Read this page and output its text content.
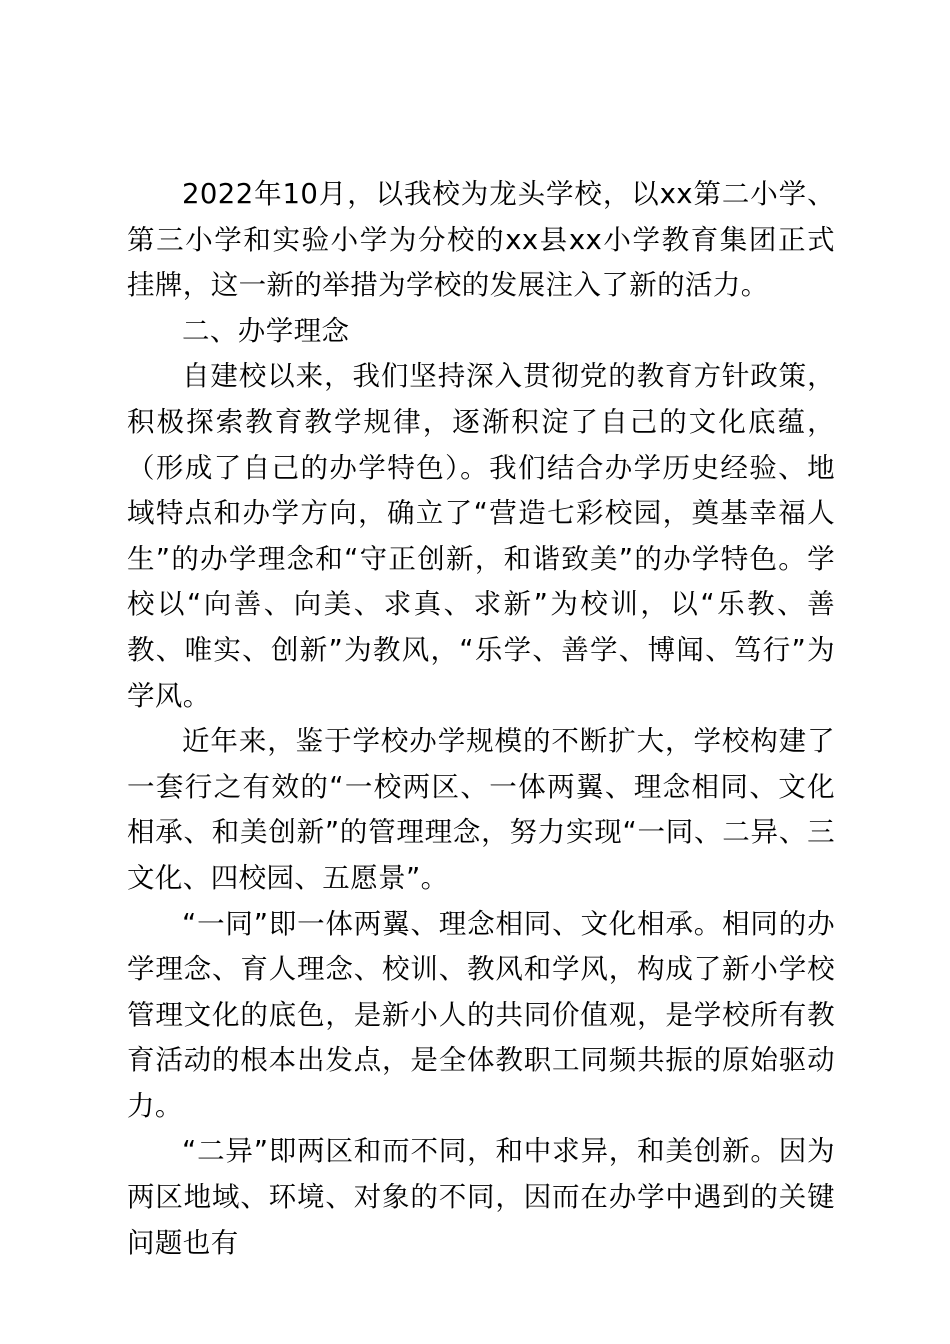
2022年10月，以我校为龙头学校，以xx第二小学、第三小学和实验小学为分校的xx县xx小学教育集团正式挂牌，这一新的举措为学校的发展注入了新的活力。

二、办学理念

自建校以来，我们坚持深入贯彻党的教育方针政策，积极探索教育教学规律，逐渐积淀了自己的文化底蕴，（形成了自己的办学特色）。我们结合办学历史经验、地域特点和办学方向，确立了“营造七彩校园，奠基幸福人生”的办学理念和“守正创新，和谐致美”的办学特色。学校以“向善、向美、求真、求新”为校训，以“乐教、善教、唯实、创新”为教风，“乐学、善学、博闻、笃行”为学风。

近年来，鉴于学校办学规模的不断扩大，学校构建了一套行之有效的“一校两区、一体两翼、理念相同、文化相承、和美创新”的管理理念，努力实现“一同、二异、三文化、四校园、五愿景”。

“一同”即一体两翼、理念相同、文化相承。相同的办学理念、育人理念、校训、教风和学风，构成了新小学校管理文化的底色，是新小人的共同价值观，是学校所有教育活动的根本出发点，是全体教职工同频共振的原始驱动力。

“二异”即两区和而不同，和中求异，和美创新。因为两区地域、环境、对象的不同，因而在办学中遇到的关键问题也有
